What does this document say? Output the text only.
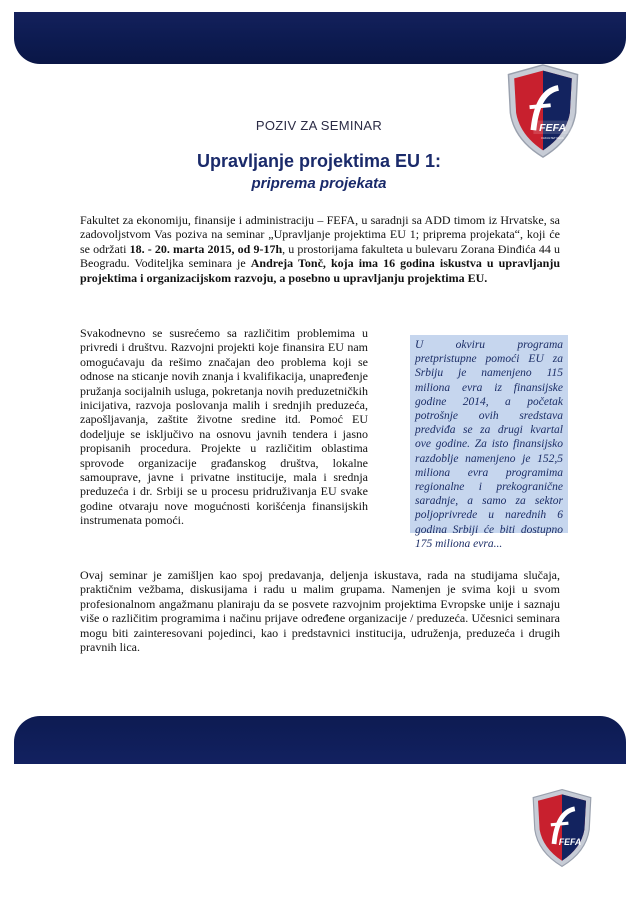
FEFA
FAKULTET FEFA
POZIV ZA SEMINAR
Upravljanje projektima EU 1:
priprema projekata

Fakultet za ekonomiju, finansije i administraciju – FEFA, u saradnji sa ADD timom iz Hrvatske, sa zadovoljstvom Vas poziva na seminar „Upravljanje projektima EU 1; priprema projekata“, koji će se održati 18. - 20. marta 2015, od 9-17h, u prostorijama fakulteta u bulevaru Zorana Đinđića 44 u Beogradu. Voditeljka seminara je Andreja Tonč, koja ima 16 godina iskustva u upravljanju projektima i organizacijskom razvoju, a posebno u upravljanju projektima EU.

Svakodnevno se susrećemo sa različitim problemima u privredi i društvu. Razvojni projekti koje finansira EU nam omogućavaju da rešimo značajan deo problema koji se odnose na sticanje novih znanja i kvalifikacija, unapređenje pružanja socijalnih usluga, pokretanja novih preduzetničkih inicijativa, razvoja poslovanja malih i srednjih preduzeća, zapošljavanja, zaštite životne sredine itd. Pomoć EU dodeljuje se isključivo na osnovu javnih tendera i jasno propisanih procedura. Projekte u različitim oblastima sprovode organizacije građanskog društva, lokalne samouprave, javne i privatne institucije, mala i srednja preduzeća i dr. Srbiji se u procesu pridruživanja EU svake godine otvaraju nove mogućnosti korišćenja finansijskih instrumenata pomoći.

U okviru programa pretpristupne pomoći EU za Srbiju je namenjeno 115 miliona evra iz finansijske godine 2014, a početak potrošnje ovih sredstava predviđa se za drugi kvartal ove godine. Za isto finansijsko razdoblje namenjeno je 152,5 miliona evra programima regionalne i prekogranične saradnje, a samo za sektor poljoprivrede u narednih 6 godina Srbiji će biti dostupno 175 miliona evra...

Ovaj seminar je zamišljen kao spoj predavanja, deljenja iskustava, rada na studijama slučaja, praktičnim vežbama, diskusijama i radu u malim grupama. Namenjen je svima koji u svom profesionalnom angažmanu planiraju da se posvete razvojnim projektima Evropske unije i saznaju više o različitim programima i načinu prijave određene organizacije / preduzeća. Učesnici seminara mogu biti zainteresovani pojedinci, kao i predstavnici institucija, udruženja, preduzeća i drugih pravnih lica.

FEFA
